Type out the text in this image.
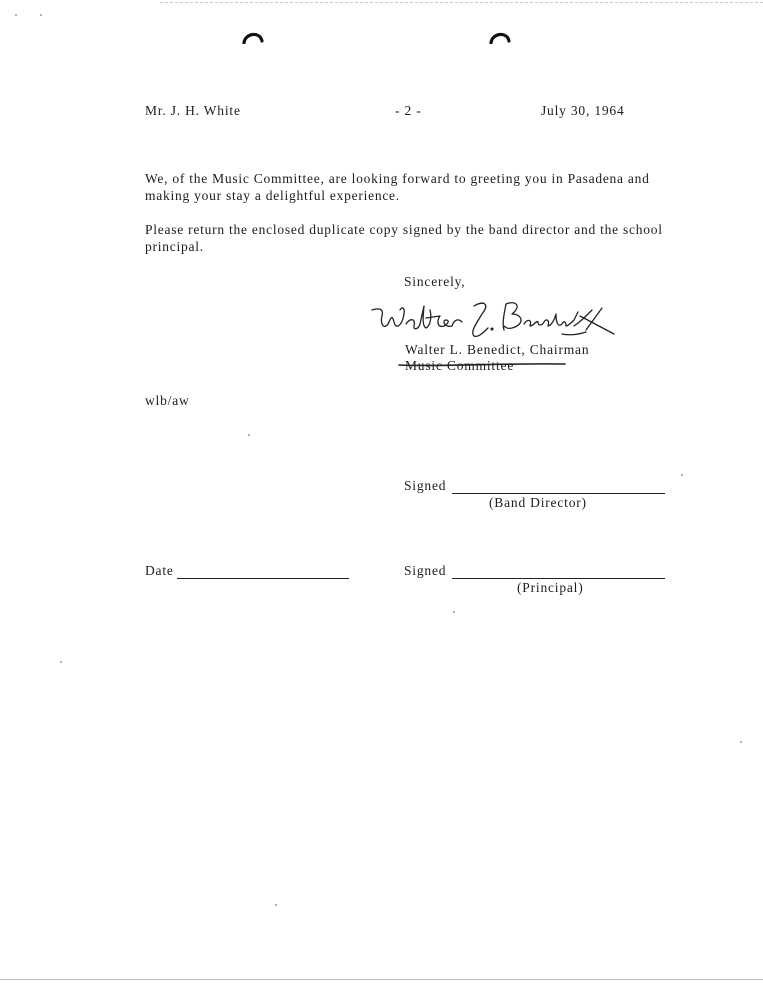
Mr. J. H. White	- 2 -	July 30, 1964
We, of the Music Committee, are looking forward to greeting you in Pasadena and making your stay a delightful experience.
Please return the enclosed duplicate copy signed by the band director and the school principal.
Sincerely,
Walter L. Benedict, Chairman
Music Committee
wlb/aw
Signed
(Band Director)
Date	Signed
(Principal)
